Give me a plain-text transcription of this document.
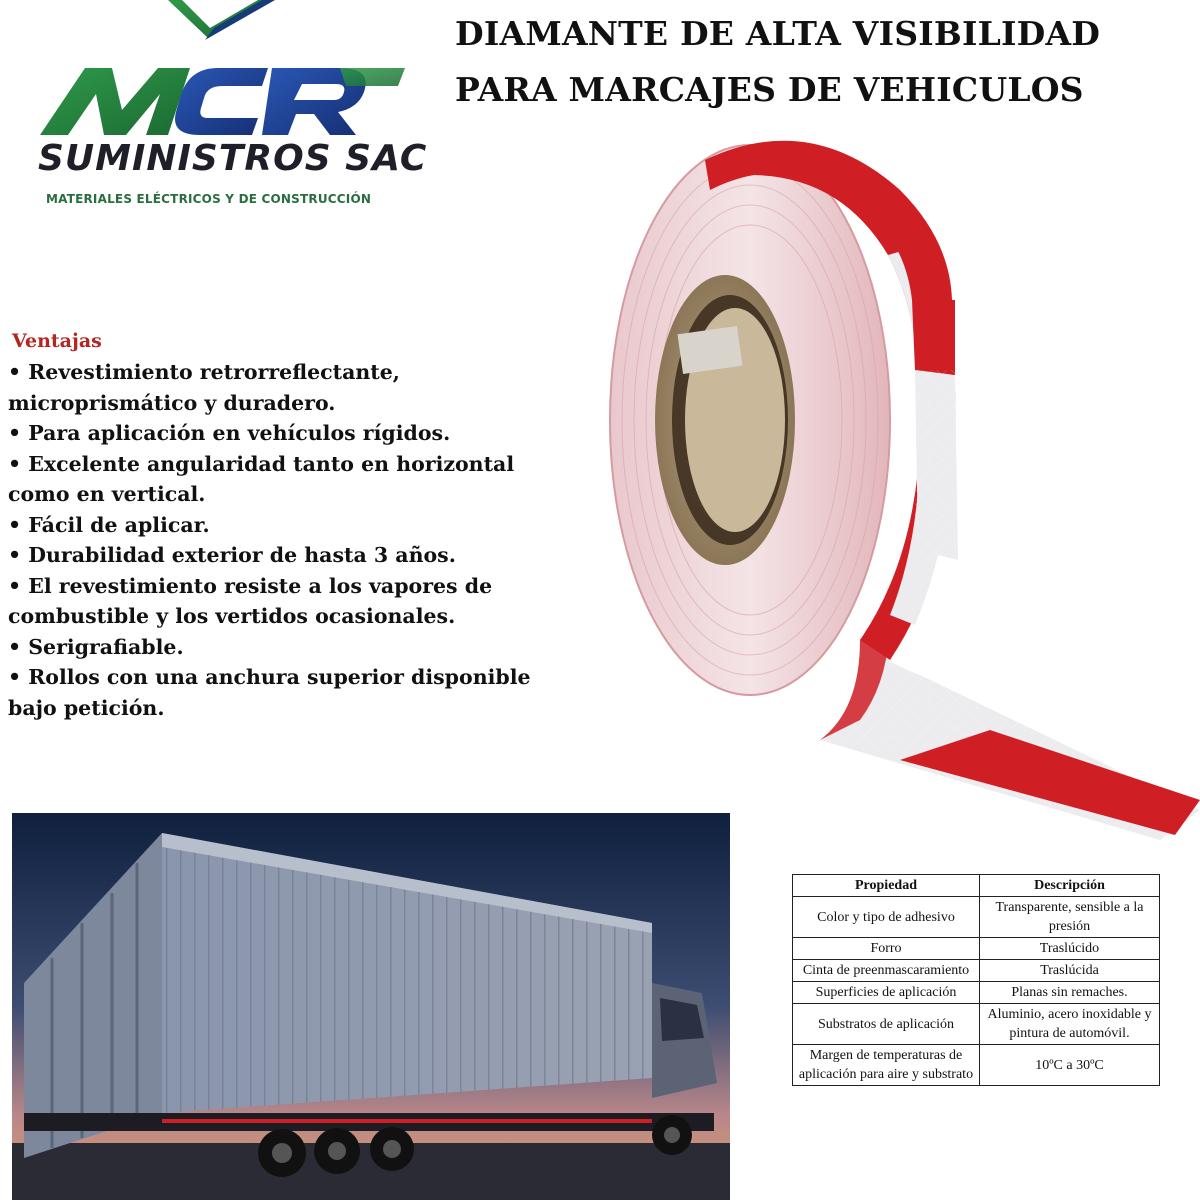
SUMINISTROS SAC
MATERIALES ELÉCTRICOS Y DE CONSTRUCCIÓN
DIAMANTE DE ALTA VISIBILIDAD
PARA MARCAJES DE VEHICULOS
Ventajas

• Revestimiento retrorreflectante,

microprismático y duradero.

• Para aplicación en vehículos rígidos.

• Excelente angularidad tanto en horizontal

como en vertical.

• Fácil de aplicar.

• Durabilidad exterior de hasta 3 años.

• El revestimiento resiste a los vapores de

combustible y los vertidos ocasionales.

• Serigrafiable.

• Rollos con una anchura superior disponible

bajo petición.

Propiedad	Descripción
Color y tipo de adhesivo	Transparente, sensible a la presión
Forro	Traslúcido
Cinta de preenmascaramiento	Traslúcida
Superficies de aplicación	Planas sin remaches.
Substratos de aplicación	Aluminio, acero inoxidable y pintura de automóvil.
Margen de temperaturas de aplicación para aire y substrato	10ºC a 30ºC
